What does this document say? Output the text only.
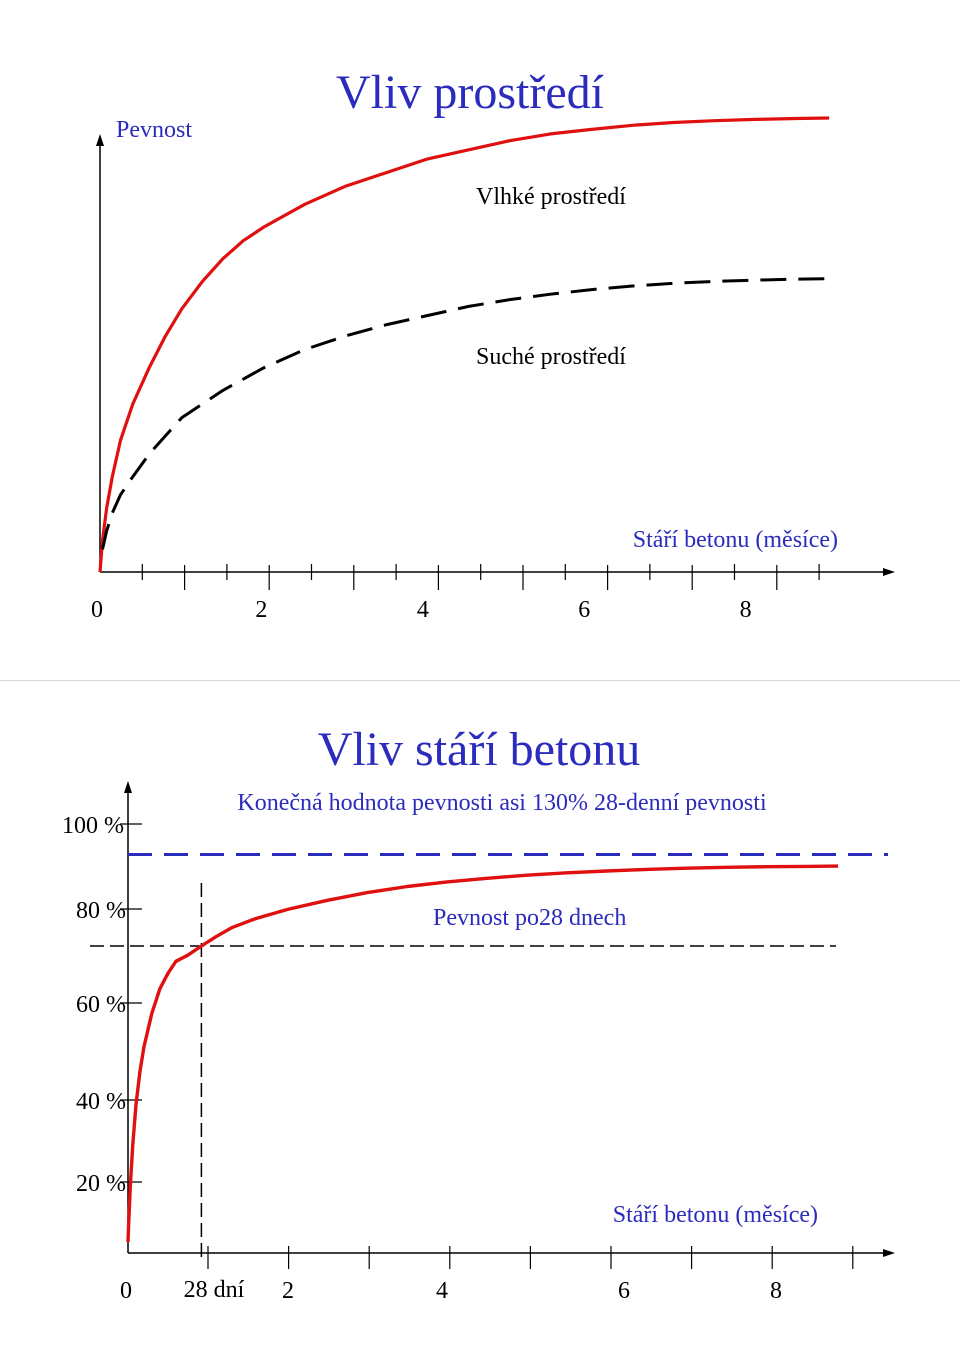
0	2	4	6	8
Vliv prostředí
Pevnost
Stáří betonu (měsíce)
Vlhké prostředí
Suché prostředí
0	2	4	6	8
100 %
80 %
60 %
40 %
20 %
Vliv stáří betonu
Konečná hodnota pevnosti asi 130% 28-denní pevnosti
Pevnost po28 dnech
Stáří betonu (měsíce)
28 dní
